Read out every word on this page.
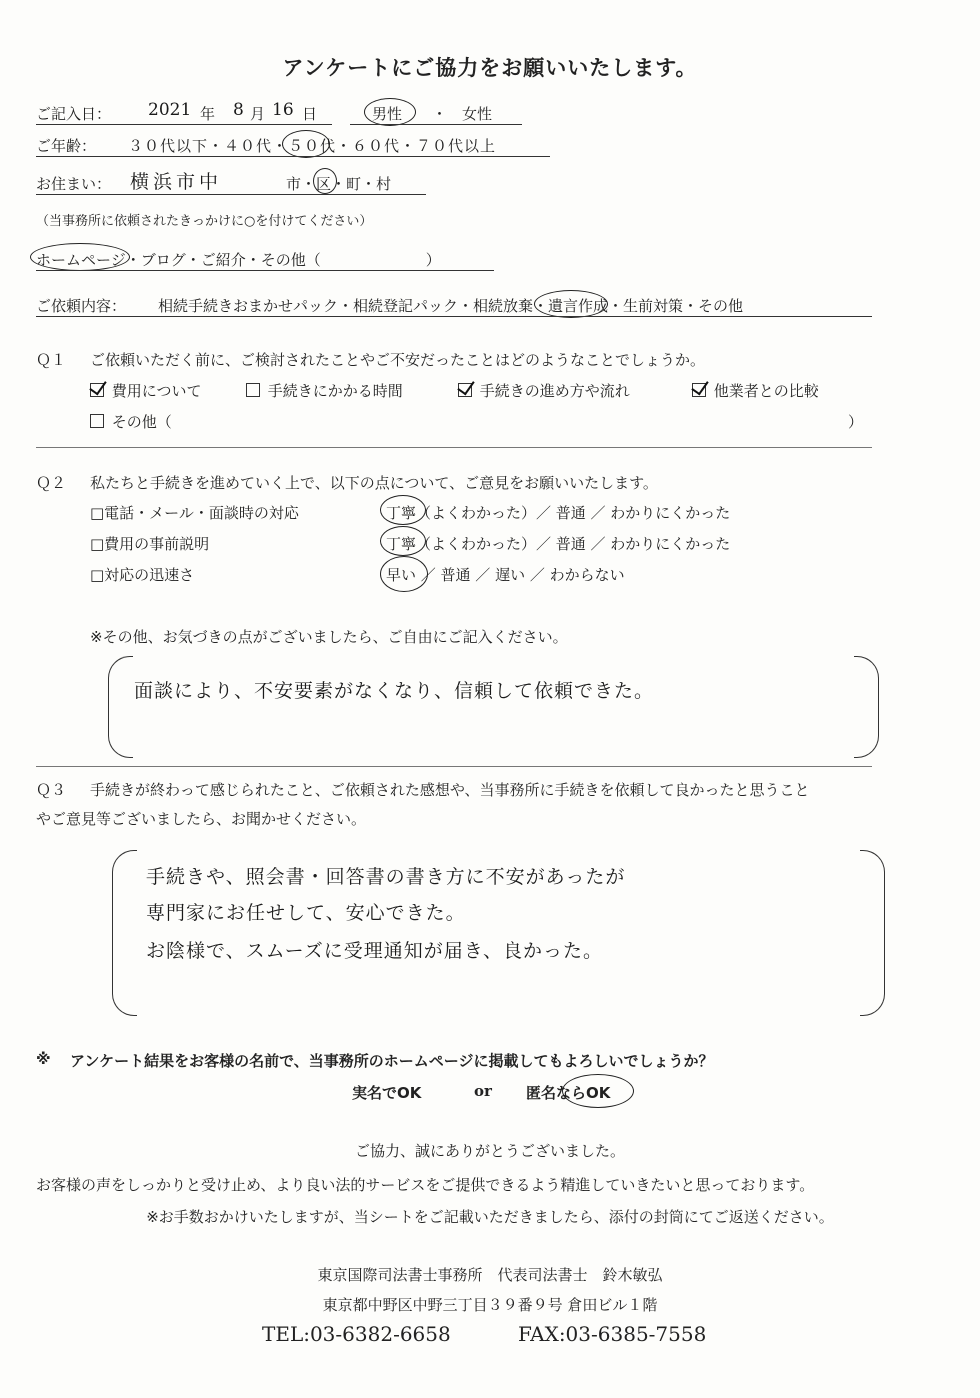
アンケートにご協力をお願いいたします。
ご記入日： 2021 年 8 月 16 日	男性 ・ 女性
ご年齢： ３０代以下・４０代・５０代・６０代・７０代以上
お住まい： 横浜市中	市・区・町・村
（当事務所に依頼されたきっかけに○を付けてください）
ホームページ・ブログ・ご紹介・その他（　　　　　　　）
ご依頼内容： 相続手続きおまかせパック・相続登記パック・相続放棄・遺言作成・生前対策・その他
Ｑ１ ご依頼いただく前に、ご検討されたことやご不安だったことはどのようなことでしょうか。
費用について	手続きにかかる時間	手続きの進め方や流れ	他業者との比較
その他（	）
Ｑ２ 私たちと手続きを進めていく上で、以下の点について、ご意見をお願いいたします。
□電話・メール・面談時の対応	丁寧（よくわかった）／ 普通 ／ わかりにくかった
□費用の事前説明	丁寧（よくわかった）／ 普通 ／ わかりにくかった
□対応の迅速さ	早い ／ 普通 ／ 遅い ／ わからない
※その他、お気づきの点がございましたら、ご自由にご記入ください。
面談により、不安要素がなくなり、信頼して依頼できた。
Ｑ３ 手続きが終わって感じられたこと、ご依頼された感想や、当事務所に手続きを依頼して良かったと思うこと
やご意見等ございましたら、お聞かせください。
手続きや、照会書・回答書の書き方に不安があったが
専門家にお任せして、安心できた。
お陰様で、スムーズに受理通知が届き、良かった。
※ アンケート結果をお客様の名前で、当事務所のホームページに掲載してもよろしいでしょうか？
実名でOK	or 匿名ならOK
ご協力、誠にありがとうございました。
お客様の声をしっかりと受け止め、より良い法的サービスをご提供できるよう精進していきたいと思っております。
※お手数おかけいたしますが、当シートをご記載いただきましたら、添付の封筒にてご返送ください。
東京国際司法書士事務所　代表司法書士　鈴木敏弘
東京都中野区中野三丁目３９番９号 倉田ビル１階
TEL:03-6382-6658	FAX:03-6385-7558
